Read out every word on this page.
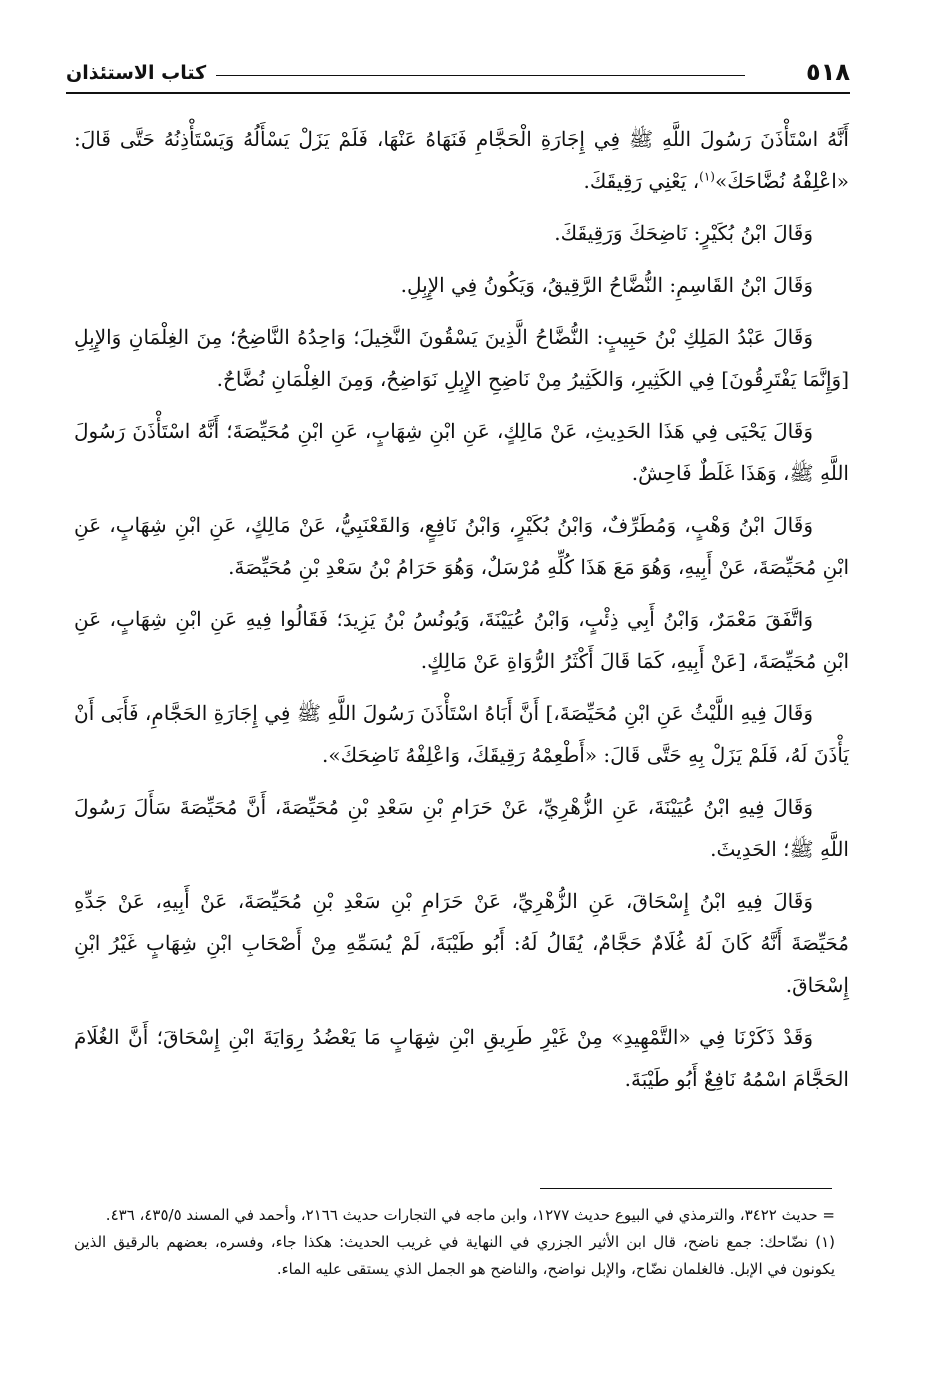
كتاب الاستئذان	٥١٨

أَنَّهُ اسْتَأْذَنَ رَسُولَ اللَّهِ ﷺ فِي إِجَارَةِ الْحَجَّامِ فَنَهَاهُ عَنْهَا، فَلَمْ يَزَلْ يَسْأَلُهُ وَيَسْتَأْذِنُهُ حَتَّى قَالَ: «اعْلِفْهُ نُضَّاحَكَ»$^{(١)}$، يَعْنِي رَقِيقَكَ.

وَقَالَ ابْنُ بُكَيْرٍ: نَاضِحَكَ وَرَقِيقَكَ.

وَقَالَ ابْنُ القَاسِمِ: النُّضَّاحُ الرَّقِيقُ، وَيَكُونُ فِي الإِبِلِ.

وَقَالَ عَبْدُ المَلِكِ بْنُ حَبِيبٍ: النُّضَّاحُ الَّذِينَ يَسْقُونَ النَّخِيلَ؛ وَاحِدُهُ النَّاضِحُ؛ مِنَ الغِلْمَانِ وَالإِبِلِ [وَإِنَّمَا يَفْتَرِقُونَ] فِي الكَثِيرِ، وَالكَثِيرُ مِنْ نَاضِحِ الإِبِلِ نَوَاضِحُ، وَمِنَ الغِلْمَانِ نُضَّاحٌ.

وَقَالَ يَحْيَى فِي هَذَا الحَدِيثِ، عَنْ مَالِكٍ، عَنِ ابْنِ شِهَابٍ، عَنِ ابْنِ مُحَيِّصَةَ؛ أَنَّهُ اسْتَأْذَنَ رَسُولَ اللَّهِ ﷺ، وَهَذَا غَلَطٌ فَاحِشٌ.

وَقَالَ ابْنُ وَهْبٍ، وَمُطَرِّفٌ، وَابْنُ بُكَيْرٍ، وَابْنُ نَافِعٍ، وَالقَعْنَبِيُّ، عَنْ مَالِكٍ، عَنِ ابْنِ شِهَابٍ، عَنِ ابْنِ مُحَيِّصَةَ، عَنْ أَبِيهِ، وَهُوَ مَعَ هَذَا كُلِّهِ مُرْسَلٌ، وَهُوَ حَرَامُ بْنُ سَعْدِ بْنِ مُحَيِّصَةَ.

وَاتَّفَقَ مَعْمَرٌ، وَابْنُ أَبِي ذِئْبٍ، وَابْنُ عُيَيْنَةَ، وَيُونُسُ بْنُ يَزِيدَ؛ فَقَالُوا فِيهِ عَنِ ابْنِ شِهَابٍ، عَنِ ابْنِ مُحَيِّصَةَ، [عَنْ أَبِيهِ، كَمَا قَالَ أَكْثَرُ الرُّوَاةِ عَنْ مَالِكٍ.

وَقَالَ فِيهِ اللَّيْثُ عَنِ ابْنِ مُحَيِّصَةَ،] أَنَّ أَبَاهُ اسْتَأْذَنَ رَسُولَ اللَّهِ ﷺ فِي إِجَارَةِ الحَجَّامِ، فَأَبَى أَنْ يَأْذَنَ لَهُ، فَلَمْ يَزَلْ بِهِ حَتَّى قَالَ: «أَطْعِمْهُ رَقِيقَكَ، وَاعْلِفْهُ نَاضِحَكَ».

وَقَالَ فِيهِ ابْنُ عُيَيْنَةَ، عَنِ الزُّهْرِيِّ، عَنْ حَرَامِ بْنِ سَعْدِ بْنِ مُحَيِّصَةَ، أَنَّ مُحَيِّصَةَ سَأَلَ رَسُولَ اللَّهِ ﷺ؛ الحَدِيثَ.

وَقَالَ فِيهِ ابْنُ إِسْحَاقَ، عَنِ الزُّهْرِيِّ، عَنْ حَرَامِ بْنِ سَعْدِ بْنِ مُحَيِّصَةَ، عَنْ أَبِيهِ، عَنْ جَدِّهِ مُحَيِّصَةَ أَنَّهُ كَانَ لَهُ غُلَامٌ حَجَّامٌ، يُقَالُ لَهُ: أَبُو طَيْبَةَ، لَمْ يُسَمِّهِ مِنْ أَصْحَابِ ابْنِ شِهَابٍ غَيْرُ ابْنِ إِسْحَاقَ.

وَقَدْ ذَكَرْنَا فِي «التَّمْهِيدِ» مِنْ غَيْرِ طَرِيقِ ابْنِ شِهَابٍ مَا يَعْضُدُ رِوَايَةَ ابْنِ إِسْحَاقَ؛ أَنَّ الغُلَامَ الحَجَّامَ اسْمُهُ نَافِعٌ أَبُو طَيْبَةَ.

= حديث ٣٤٢٢، والترمذي في البيوع حديث ١٢٧٧، وابن ماجه في التجارات حديث ٢١٦٦، وأحمد في المسند ٤٣٥/٥، ٤٣٦.

(١) نضّاحك: جمع ناضح، قال ابن الأثير الجزري في النهاية في غريب الحديث: هكذا جاء، وفسره، بعضهم بالرقيق الذين يكونون في الإبل. فالغلمان نضّاح، والإبل نواضح، والناضح هو الجمل الذي يستقى عليه الماء.
